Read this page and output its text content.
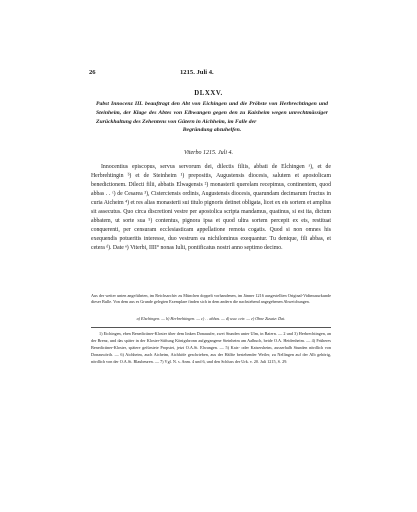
26	1215. Juli 4.
DLXXV.
Pabst Innocenz III. beauftragt den Abt von Eichingen und die Pröbste von Herbrechtingen und Steinheim, der Klage des Abtes von Elbwangen gegen den zu Kaisheim wegen unrechtmässiger Zurückhaltung des Zehentens von Gütern in Aichheim, im Falle der
Begründung abzuhelfen.
Viterbo 1215. Juli 4.
Innocentius episcopus, servus servorum dei, dilectis filiis, abbati de Elchingen ᵃ), et de Herbrehtingin ᵇ) et de Steinheim ¹) prepositis, Augustensis diocesis, salutem et apostolicam benedictionem. Dilecti filii, abbatis Elwagensis ²) monasterii querelam recepimus, continentem, quod abbas . . ᶜ) de Cesarea ³), Cisterciensis ordinis, Augustensis diocesis, quarundam decimarum fructus in curia Aicheim ⁴) et res alias monasterii sui titulo pignoris detinet obligata, licet ex eis sortem et amplius sit assecutus. Quo circa discretioni vestre per apostolica scripta mandamus, quatinus, si est ita, dictum abbatem, ut sorte sua ⁵) contentus, pignora ipsa et quod ultra sortem percepit ex eis, restituat conquerenti, per censuram ecclesiasticam appellatione remota cogatis. Quod si non omnes his exequendis potueritis interesse, duo vestrum ea nichilominus exequantur. Tu denique, fili abbas, et cetera ᵈ). Date ᵉ) Viterbi, IIII° nonas Iulii, pontificatus nostri anno septimo decimo.
Aus der weiter unten angeführten, im Reichsarchiv zu München doppelt vorhandenen, im Jänner 1216 ausgestellten Original-Vidimusurkunde dieser Bulle. Von dem aus es Grunde gelegten Exemplare finden sich in dem andern die nachstehend angegebenen Abweichungen.
a) Elschingen. — b) Herbrehtingen. — c) . . abbas. — d) usw. cetr. — e) Ohne Zusatz: Dat.

1) Eichingen, eben Benedictiner-Kloster über dem linken Donauufer, zwei Stunden unter Ulm, in Baiern. — 2 und 3) Herbrechtingen, an der Brenz, und das später in der Kloster-Stiftung Königsbronn aufgegangene Steinheim am Aalbuch, beide O.A. Heidenheim. — 4) Früheres Benedictiner-Kloster, spätere gefürstete Propstei, jetzt O.A.St. Elwangen. — 5) Kais- oder Kaisersheim, ausserhalb Stunden nördlich von Donauwörth. — 6) Aichheim, auch Aicheim, Aichhöfe geschrieben, aus der Hälfte bestehender Weiler, zu Nellingen auf der Alb gehörig, nördlich von der O.A.St. Blaubeuren. — 7) Vgl. N. s. Anm. 4 und 6, und den Schluss der Urk. v. 20. Juli 1215, S. 29.
